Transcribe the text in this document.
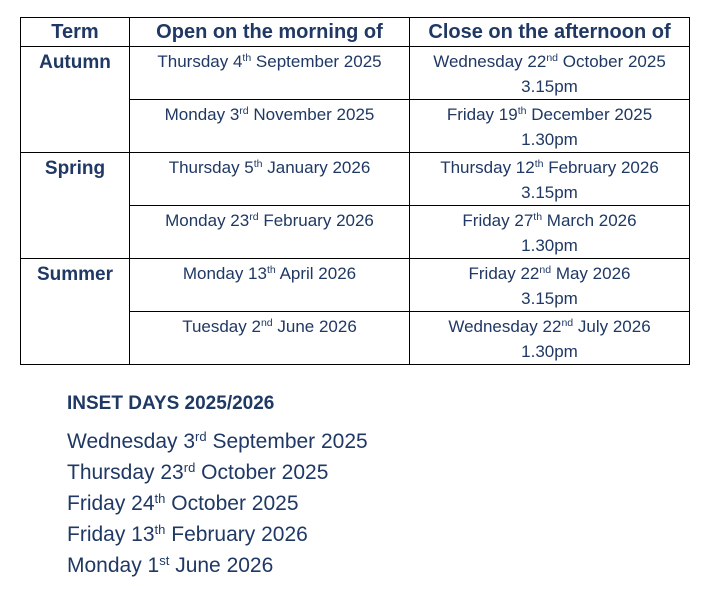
Term	Open on the morning of	Close on the afternoon of
Autumn	Thursday 4th September 2025	Wednesday 22nd October 2025
3.15pm

	Monday 3rd November 2025	Friday 19th December 2025
1.30pm

Spring	Thursday 5th January 2026	Thursday 12th February 2026
3.15pm

	Monday 23rd February 2026	Friday 27th March 2026
1.30pm

Summer	Monday 13th April 2026	Friday 22nd May 2026
3.15pm

	Tuesday 2nd June 2026	Wednesday 22nd July 2026
1.30pm
INSET DAYS 2025/2026
Wednesday 3rd September 2025
Thursday 23rd October 2025
Friday 24th October 2025
Friday 13th February 2026
Monday 1st June 2026
